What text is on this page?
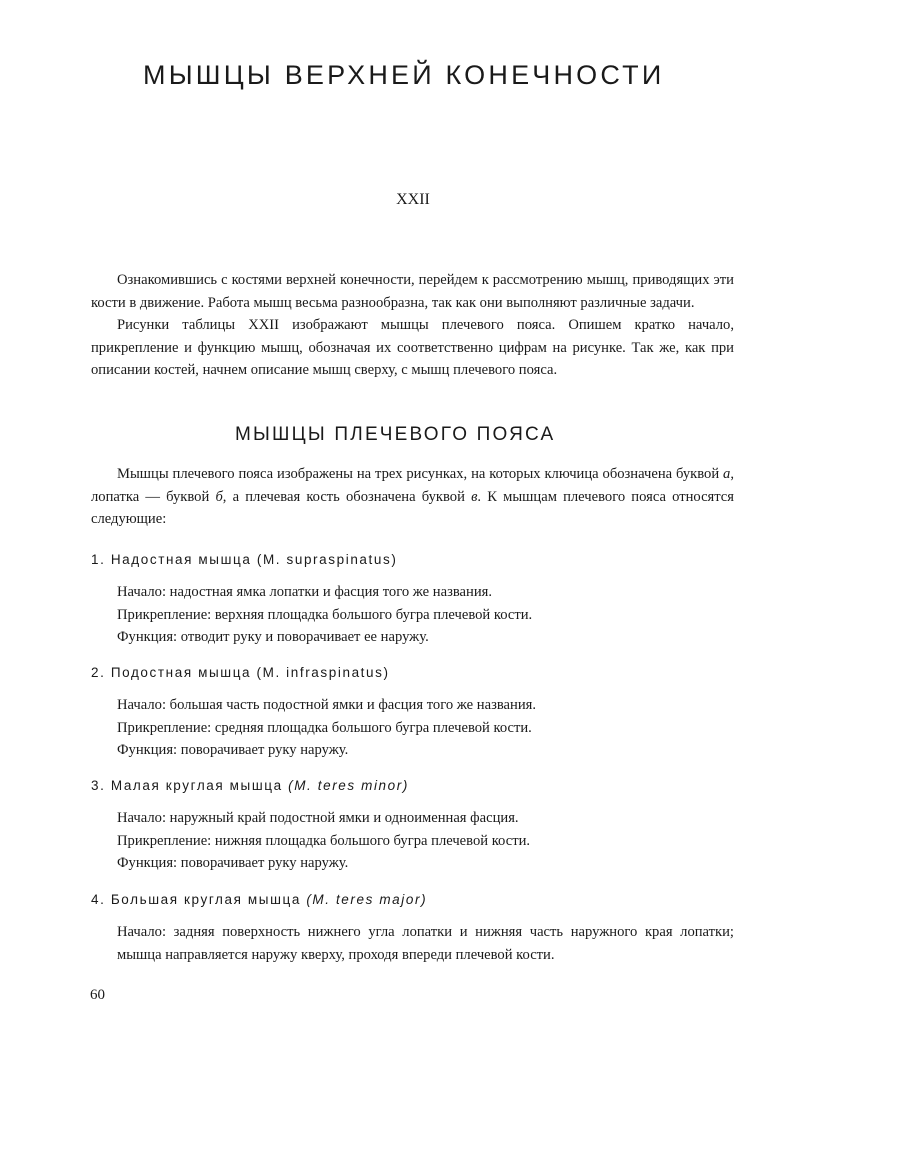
МЫШЦЫ ВЕРХНЕЙ КОНЕЧНОСТИ
XXII

Ознакомившись с костями верхней конечности, перейдем к рассмотрению мышц, приводящих эти кости в движение. Работа мышц весьма разнообразна, так как они выполняют различные задачи.

Рисунки таблицы XXII изображают мышцы плечевого пояса. Опишем кратко начало, прикрепление и функцию мышц, обозначая их соответственно цифрам на рисунке. Так же, как при описании костей, начнем описание мышц сверху, с мышц плечевого пояса.

МЫШЦЫ ПЛЕЧЕВОГО ПОЯСА

Мышцы плечевого пояса изображены на трех рисунках, на которых ключица обозначена буквой а, лопатка — буквой б, а плечевая кость обозначена буквой в. К мышцам плечевого пояса относятся следующие:

1. Надостная мышца (M. supraspinatus)
Начало: надостная ямка лопатки и фасция того же названия.
Прикрепление: верхняя площадка большого бугра плечевой кости.
Функция: отводит руку и поворачивает ее наружу.
2. Подостная мышца (M. infraspinatus)
Начало: большая часть подостной ямки и фасция того же названия.
Прикрепление: средняя площадка большого бугра плечевой кости.
Функция: поворачивает руку наружу.
3. Малая круглая мышца (M. teres minor)
Начало: наружный край подостной ямки и одноименная фасция.
Прикрепление: нижняя площадка большого бугра плечевой кости.
Функция: поворачивает руку наружу.
4. Большая круглая мышца (M. teres major)
Начало: задняя поверхность нижнего угла лопатки и нижняя часть наружного края лопатки; мышца направляется наружу кверху, проходя впереди плечевой кости.
60
